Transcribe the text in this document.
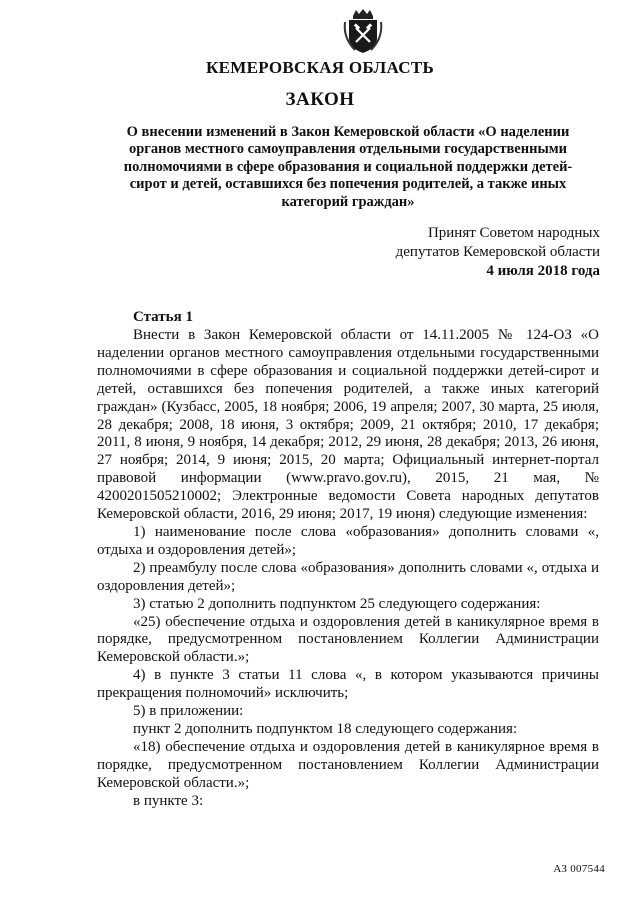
КЕМЕРОВСКАЯ ОБЛАСТЬ
ЗАКОН
О внесении изменений в Закон Кемеровской области «О наделении органов местного самоуправления отдельными государственными полномочиями в сфере образования и социальной поддержки детей-сирот и детей, оставшихся без попечения родителей, а также иных категорий граждан»
Принят Советом народных
депутатов Кемеровской области
4 июля 2018 года
Статья 1

Внести в Закон Кемеровской области от 14.11.2005 № 124-ОЗ «О наделении органов местного самоуправления отдельными государственными полномочиями в сфере образования и социальной поддержки детей-сирот и детей, оставшихся без попечения родителей, а также иных категорий граждан» (Кузбасс, 2005, 18 ноября; 2006, 19 апреля; 2007, 30 марта, 25 июля, 28 декабря; 2008, 18 июня, 3 октября; 2009, 21 октября; 2010, 17 декабря; 2011, 8 июня, 9 ноября, 14 декабря; 2012, 29 июня, 28 декабря; 2013, 26 июня, 27 ноября; 2014, 9 июня; 2015, 20 марта; Официальный интернет-портал правовой информации (www.pravo.gov.ru), 2015, 21 мая, № 4200201505210002; Электронные ведомости Совета народных депутатов Кемеровской области, 2016, 29 июня; 2017, 19 июня) следующие изменения:

1) наименование после слова «образования» дополнить словами «, отдыха и оздоровления детей»;

2) преамбулу после слова «образования» дополнить словами «, отдыха и оздоровления детей»;

3) статью 2 дополнить подпунктом 25 следующего содержания:

«25) обеспечение отдыха и оздоровления детей в каникулярное время в порядке, предусмотренном постановлением Коллегии Администрации Кемеровской области.»;

4) в пункте 3 статьи 11 слова «, в котором указываются причины прекращения полномочий» исключить;

5) в приложении:

пункт 2 дополнить подпунктом 18 следующего содержания:

«18) обеспечение отдыха и оздоровления детей в каникулярное время в порядке, предусмотренном постановлением Коллегии Администрации Кемеровской области.»;

в пункте 3:

АЗ 007544
